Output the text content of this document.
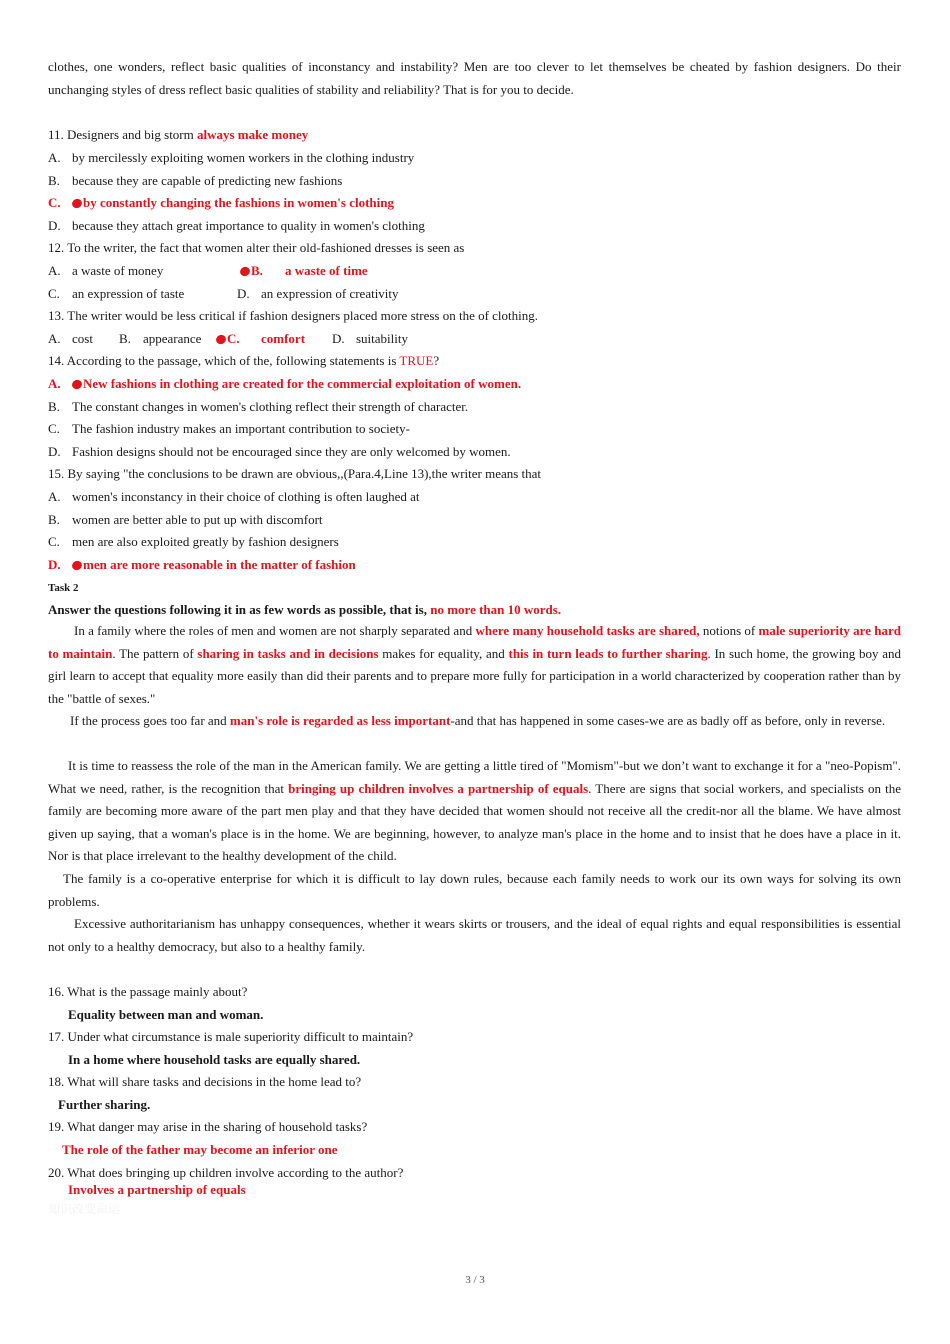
clothes, one wonders, reflect basic qualities of inconstancy and instability? Men are too clever to let themselves be cheated by fashion designers. Do their unchanging styles of dress reflect basic qualities of stability and reliability? That is for you to decide.
11. Designers and big storm always make money
A. by mercilessly exploiting women workers in the clothing industry
B. because they are capable of predicting new fashions
C. by constantly changing the fashions in women's clothing
D. because they attach great importance to quality in women's clothing
12. To the writer, the fact that women alter their old-fashioned dresses is seen as
A. a waste of money	B. a waste of time
C. an expression of taste	D. an expression of creativity
13. The writer would be less critical if fashion designers placed more stress on the of clothing.
A. cost B. appearance	C. comfort D. suitability
14. According to the passage, which of the, following statements is TRUE?
A. New fashions in clothing are created for the commercial exploitation of women.
B. The constant changes in women's clothing reflect their strength of character.
C. The fashion industry makes an important contribution to society-
D. Fashion designs should not be encouraged since they are only welcomed by women.
15. By saying "the conclusions to be drawn are obvious,,(Para.4,Line 13),the writer means that
A. women's inconstancy in their choice of clothing is often laughed at
B. women are better able to put up with discomfort
C. men are also exploited greatly by fashion designers
D. men are more reasonable in the matter of fashion
Task 2
Answer the questions following it in as few words as possible, that is, no more than 10 words.
In a family where the roles of men and women are not sharply separated and where many household tasks are shared, notions of male superiority are hard to maintain. The pattern of sharing in tasks and in decisions makes for equality, and this in turn leads to further sharing. In such home, the growing boy and girl learn to accept that equality more easily than did their parents and to prepare more fully for participation in a world characterized by cooperation rather than by the "battle of sexes."
If the process goes too far and man's role is regarded as less important-and that has happened in some cases-we are as badly off as before, only in reverse.
It is time to reassess the role of the man in the American family. We are getting a little tired of "Momism"-but we don’t want to exchange it for a "neo-Popism". What we need, rather, is the recognition that bringing up children involves a partnership of equals. There are signs that social workers, and specialists on the family are becoming more aware of the part men play and that they have decided that women should not receive all the credit-nor all the blame. We have almost given up saying, that a woman's place is in the home. We are beginning, however, to analyze man's place in the home and to insist that he does have a place in it. Nor is that place irrelevant to the healthy development of the child.
The family is a co-operative enterprise for which it is difficult to lay down rules, because each family needs to work our its own ways for solving its own problems.
Excessive authoritarianism has unhappy consequences, whether it wears skirts or trousers, and the ideal of equal rights and equal responsibilities is essential not only to a healthy democracy, but also to a healthy family.
16. What is the passage mainly about?
Equality between man and woman.
17. Under what circumstance is male superiority difficult to maintain?
In a home where household tasks are equally shared.
18. What will share tasks and decisions in the home lead to?
Further sharing.
19. What danger may arise in the sharing of household tasks?
The role of the father may become an inferior one
20. What does bringing up children involve according to the author?
Involves a partnership of equals
知识改变命运
3 / 3
